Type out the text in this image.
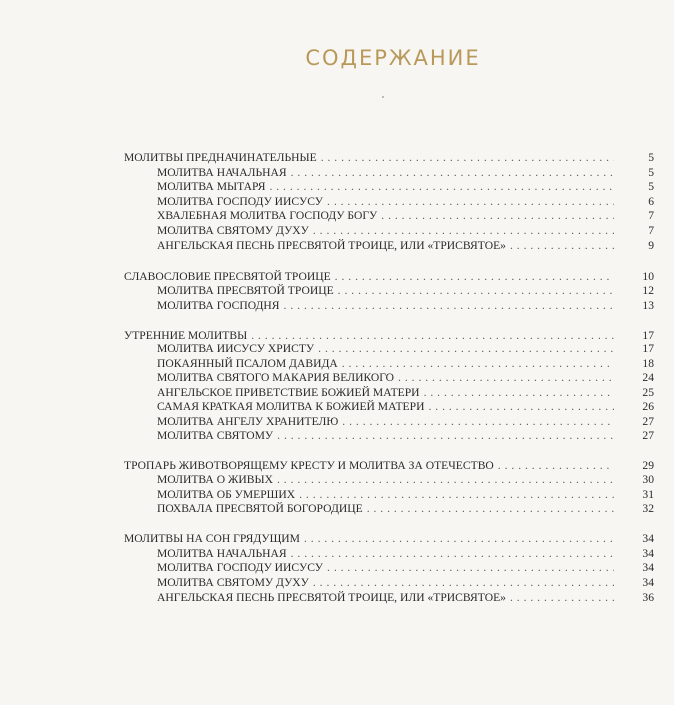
СОДЕРЖАНИЕ
МОЛИТВЫ ПРЕДНАЧИНАТЕЛЬНЫЕ . . .	5
МОЛИТВА НАЧАЛЬНАЯ . . .	5
МОЛИТВА МЫТАРЯ . . .	5
МОЛИТВА ГОСПОДУ ИИСУСУ . . .	6
ХВАЛЕБНАЯ МОЛИТВА ГОСПОДУ БОГУ . . .	7
МОЛИТВА СВЯТОМУ ДУХУ . . .	7
АНГЕЛЬСКАЯ ПЕСНЬ ПРЕСВЯТОЙ ТРОИЦЕ, ИЛИ «ТРИСВЯТОЕ» . . .	9
СЛАВОСЛОВИЕ ПРЕСВЯТОЙ ТРОИЦЕ . . .	10
МОЛИТВА ПРЕСВЯТОЙ ТРОИЦЕ . . .	12
МОЛИТВА ГОСПОДНЯ . . .	13
УТРЕННИЕ МОЛИТВЫ . . .	17
МОЛИТВА ИИСУСУ ХРИСТУ . . .	17
ПОКАЯННЫЙ ПСАЛОМ ДАВИДА . . .	18
МОЛИТВА СВЯТОГО МАКАРИЯ ВЕЛИКОГО . . .	24
АНГЕЛЬСКОЕ ПРИВЕТСТВИЕ БОЖИЕЙ МАТЕРИ . . .	25
САМАЯ КРАТКАЯ МОЛИТВА К БОЖИЕЙ МАТЕРИ . . .	26
МОЛИТВА АНГЕЛУ ХРАНИТЕЛЮ . . .	27
МОЛИТВА СВЯТОМУ . . .	27
ТРОПАРЬ ЖИВОТВОРЯЩЕМУ КРЕСТУ И МОЛИТВА ЗА ОТЕЧЕСТВО . . .	29
МОЛИТВА О ЖИВЫХ . . .	30
МОЛИТВА ОБ УМЕРШИХ . . .	31
ПОХВАЛА ПРЕСВЯТОЙ БОГОРОДИЦЕ . . .	32
МОЛИТВЫ НА СОН ГРЯДУЩИМ . . .	34
МОЛИТВА НАЧАЛЬНАЯ . . .	34
МОЛИТВА ГОСПОДУ ИИСУСУ . . .	34
МОЛИТВА СВЯТОМУ ДУХУ . . .	34
АНГЕЛЬСКАЯ ПЕСНЬ ПРЕСВЯТОЙ ТРОИЦЕ, ИЛИ «ТРИСВЯТОЕ» . . .	36
